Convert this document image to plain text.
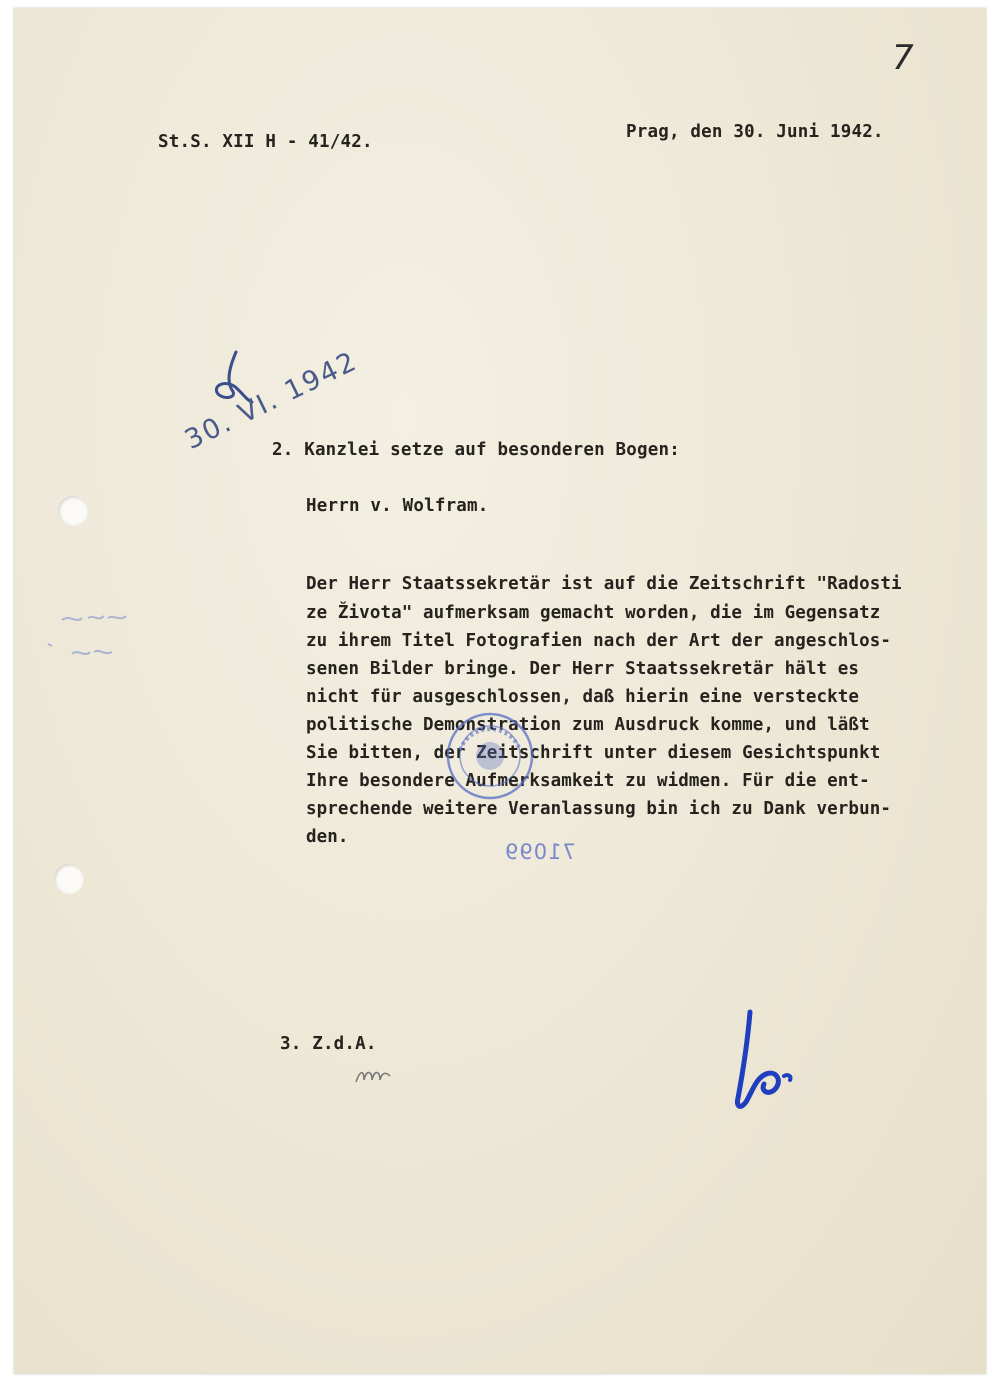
7
St.S. XII H - 41/42.	Prag, den 30. Juni 1942.
30. VI. 1942
2. Kanzlei setze auf besonderen Bogen:
Herrn v. Wolfram.
Der Herr Staatssekretär ist auf die Zeitschrift "Radosti
ze Života" aufmerksam gemacht worden, die im Gegensatz
zu ihrem Titel Fotografien nach der Art der angeschlos-
senen Bilder bringe. Der Herr Staatssekretär hält es
nicht für ausgeschlossen, daß hierin eine versteckte
politische Demonstration zum Ausdruck komme, und läßt
Sie bitten, der Zeitschrift unter diesem Gesichtspunkt
Ihre besondere Aufmerksamkeit zu widmen. Für die ent-
sprechende weitere Veranlassung bin ich zu Dank verbun-
den.
71099
3. Z.d.A.
